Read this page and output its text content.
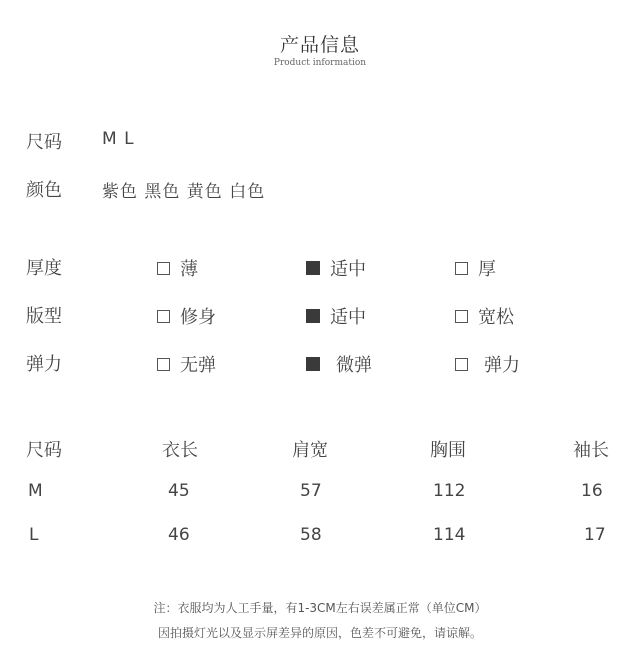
产品信息
Product information
尺码 M L
颜色 紫色 黑色 黄色 白色
厚度	薄	适中	厚
版型	修身	适中	宽松
弹力	无弹	微弹	弹力
尺码	衣长	肩宽	胸围	袖长
M	45	57	112	16
L	46	58	114	17
注：衣服均为人工手量，有1-3CM左右误差属正常（单位CM）
因拍摄灯光以及显示屏差异的原因，色差不可避免，请谅解。
